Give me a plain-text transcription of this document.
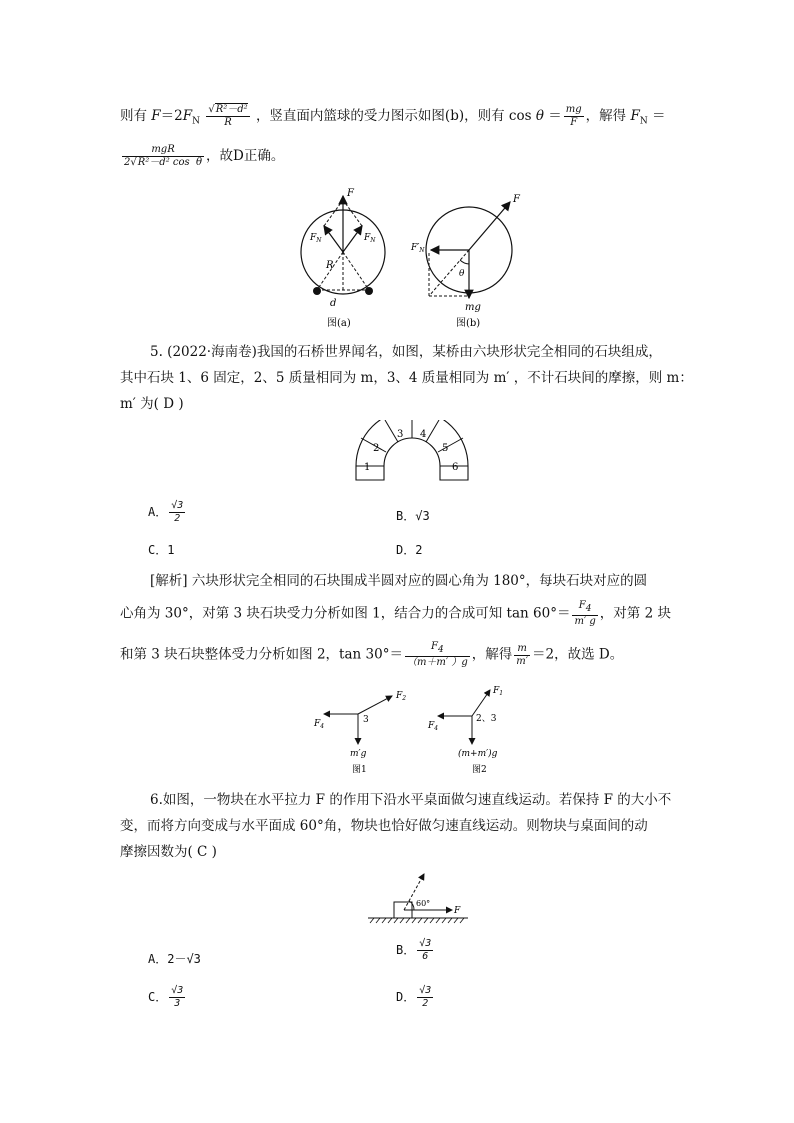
则有 $F=2F_N \frac{\text{√R²－d²}}{R}$ ，竖直面内篮球的受力图示如图(b)，则有 $\cos \theta = \frac{mg}{F}$ ，解得 $F_N$ ＝
$\frac{\text{mgR}}{\text{2√R²－d² cos θ}}$ ，故D正确。
F
$F_N$	$F_N$
R
d
图(a)
F
$F'_N$
θ
mg
图(b)
5. (2022·海南卷)我国的石桥世界闻名，如图，某桥由六块形状完全相同的石块组成，
其中石块 1、6 固定，2、5 质量相同为 m，3、4 质量相同为 m′ ，不计石块间的摩擦，则 m：
m′ 为( D )
1
2
3 4
5
6
A． $\frac{√3}{2}$	B．√3
C．1	D．2
[解析] 六块形状完全相同的石块围成半圆对应的圆心角为 180°，每块石块对应的圆
心角为 30°，对第 3 块石块受力分析如图 1，结合力的合成可知 $\tan 60^\circ= \frac{F4}{m' g}$ ，对第 2 块
和第 3 块石块整体受力分析如图 2，$\tan 30^\circ= \frac{F4}{(m+m' )g}$ ，解得 $\frac{m}{m'} =2$，故选 D。
$F_2$
$F_4$
3
m′g
图1
$F_1$
$F_4$
2、3
(m+m′)g
图2
6.如图，一物块在水平拉力 F 的作用下沿水平桌面做匀速直线运动。若保持 F 的大小不
变，而将方向变成与水平面成 60°角，物块也恰好做匀速直线运动。则物块与桌面间的动
摩擦因数为( C )
60°
F
A．2－√3
B． $\frac{√3}{6}$
C． $\frac{√3}{3}$	D． $\frac{√3}{2}$
